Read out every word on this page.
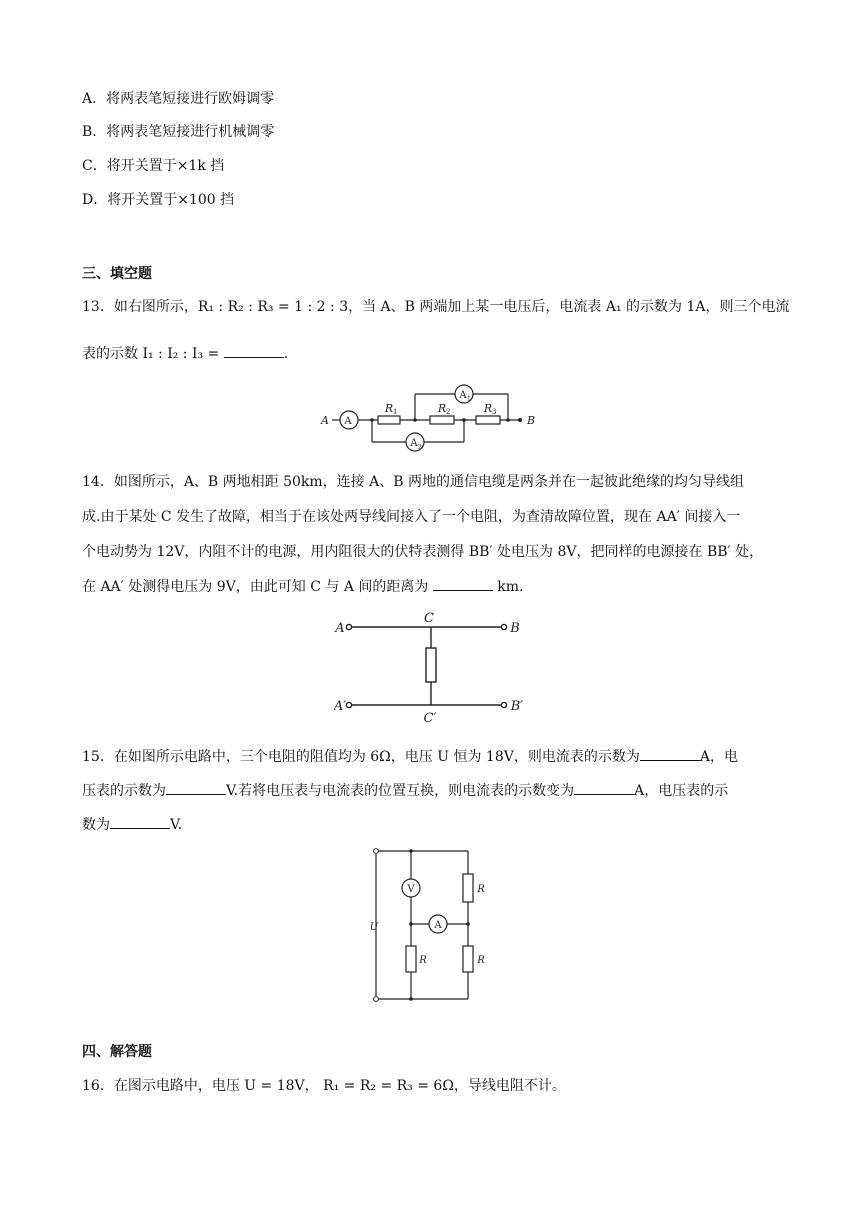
A．将两表笔短接进行欧姆调零
B．将两表笔短接进行机械调零
C．将开关置于×1k 挡
D．将开关置于×100 挡
三、填空题
13．如右图所示，R₁ : R₂ : R₃ = 1 : 2 : 3，当 A、B 两端加上某一电压后，电流表 A₁ 的示数为 1A，则三个电流
表的示数 I₁ : I₂ : I₃ =	.
A	B
R	R	R
1	2	3
A
A
A
1
2
14．如图所示，A、B 两地相距 50km，连接 A、B 两地的通信电缆是两条并在一起彼此绝缘的均匀导线组
成.由于某处 C 发生了故障，相当于在该处两导线间接入了一个电阻，为查清故障位置，现在 AA′ 间接入一
个电动势为 12V，内阻不计的电源，用内阻很大的伏特表测得 BB′ 处电压为 8V，把同样的电源接在 BB′ 处，
在 AA′ 处测得电压为 9V，由此可知 C 与 A 间的距离为	km.
A	B
C
A′	B′
C′
15．在如图所示电路中，三个电阻的阻值均为 6Ω，电压 U 恒为 18V，则电流表的示数为	A，电
压表的示数为	V.若将电压表与电流表的位置互换，则电流表的示数变为	A，电压表的示
数为	V.
U
R
R	R
V
A
四、解答题
16．在图示电路中，电压 U = 18V， R₁ = R₂ = R₃ = 6Ω，导线电阻不计。
